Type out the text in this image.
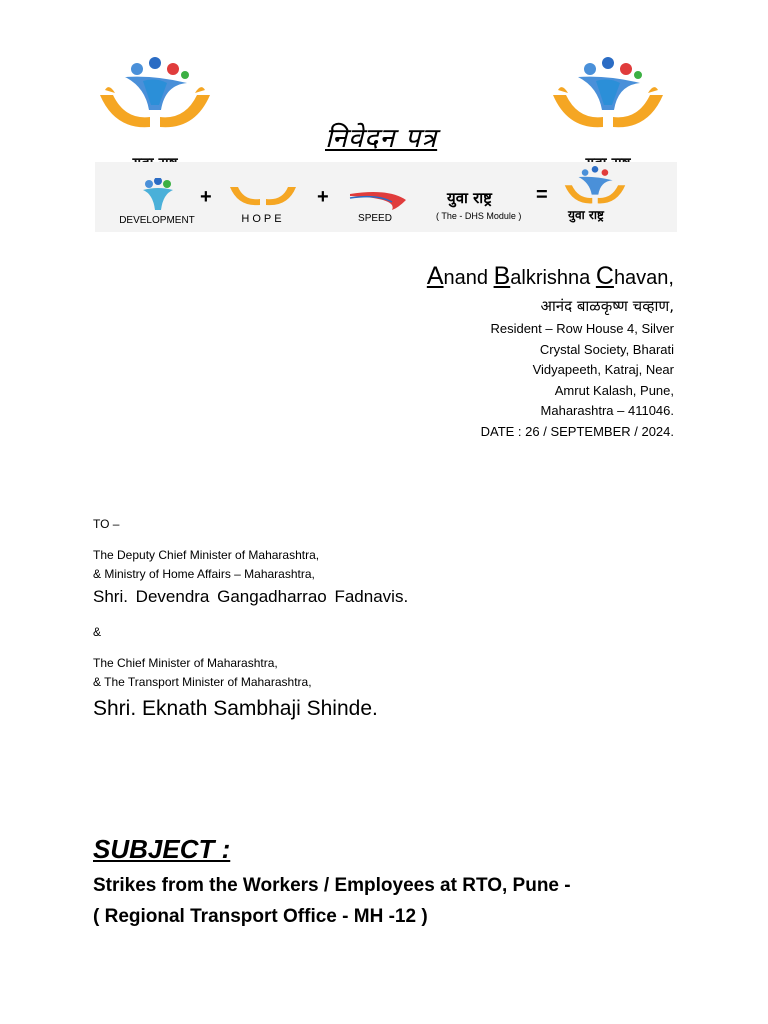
निवेदन पत्र
DEVELOPMENT
+
HOPE
+
SPEED
युवा राष्ट्र
( The - DHS Module )
=
युवा राष्ट्र
Anand Balkrishna Chavan,
आनंद बाळकृष्ण चव्हाण,
Resident – Row House 4, Silver
Crystal Society, Bharati
Vidyapeeth, Katraj, Near
Amrut Kalash, Pune,
Maharashtra – 411046.
DATE : 26 / SEPTEMBER / 2024.
TO –
The Deputy Chief Minister of Maharashtra,
& Ministry of Home Affairs – Maharashtra,
Shri. Devendra Gangadharrao Fadnavis.
&
The Chief Minister of Maharashtra,
& The Transport Minister of Maharashtra,
Shri. Eknath Sambhaji Shinde.
SUBJECT :
Strikes from the Workers / Employees at RTO, Pune -
( Regional Transport Office - MH -12 )
